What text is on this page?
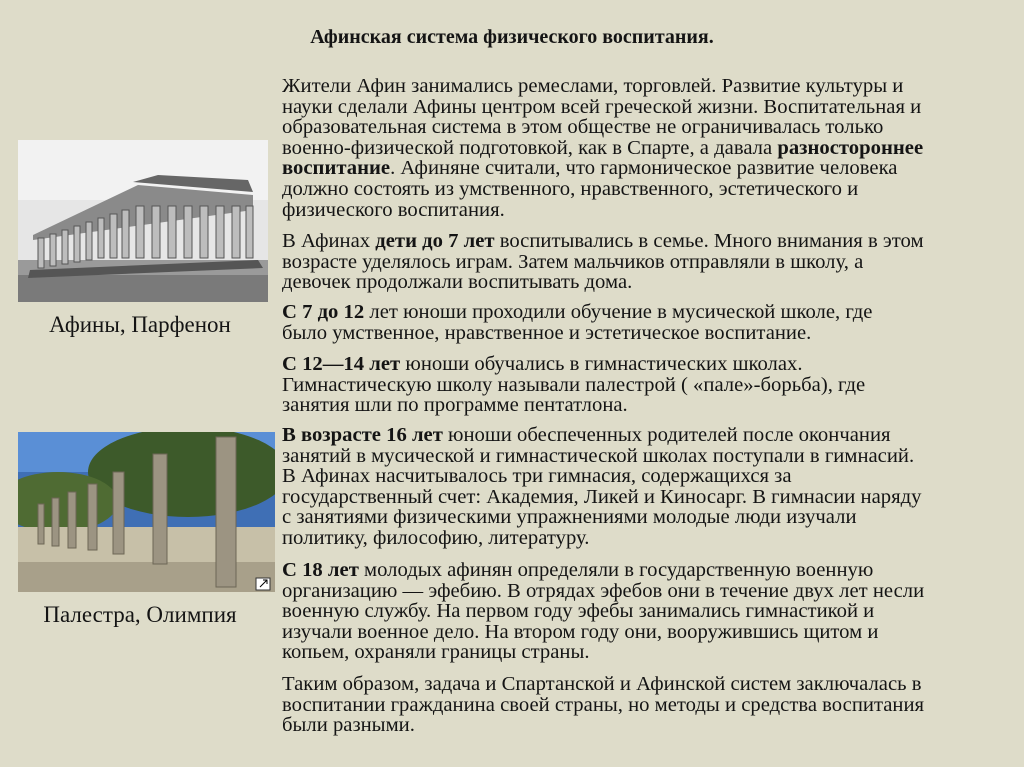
Афинская система физического воспитания.
Афины, Парфенон
Палестра, Олимпия
Жители Афин занимались ремеслами, торговлей. Развитие культуры и
науки сделали Афины центром всей греческой жизни. Воспитательная и
образовательная система в этом обществе не ограничивалась только
военно-физической подготовкой, как в Спарте, а давала разностороннее
воспитание. Афиняне считали, что гармоническое развитие человека
должно состоять из умственного, нравственного, эстетического и
физического воспитания.
В Афинах дети до 7 лет воспитывались в семье. Много внимания в этом
возрасте уделялось играм. Затем мальчиков отправляли в школу, а
девочек продолжали воспитывать дома.
С 7 до 12 лет юноши проходили обучение в мусической школе, где
было умственное, нравственное и эстетическое воспитание.
С 12—14 лет юноши обучались в гимнастических школах.
Гимнастическую школу называли палестрой ( «пале»-борьба), где
занятия шли по программе пентатлона.
В возрасте 16 лет юноши обеспеченных родителей после окончания
занятий в мусической и гимнастической школах поступали в гимнасий.
В Афинах насчитывалось три гимнасия, содержащихся за
государственный счет: Академия, Ликей и Киносарг. В гимнасии наряду
с занятиями физическими упражнениями молодые люди изучали
политику, философию, литературу.
С 18 лет молодых афинян определяли в государственную военную
организацию — эфебию. В отрядах эфебов они в течение двух лет несли
военную службу. На первом году эфебы занимались гимнастикой и
изучали военное дело. На втором году они, вооружившись щитом и
копьем, охраняли границы страны.
Таким образом, задача и Спартанской и Афинской систем заключалась в
воспитании гражданина своей страны, но методы и средства воспитания
были разными.
